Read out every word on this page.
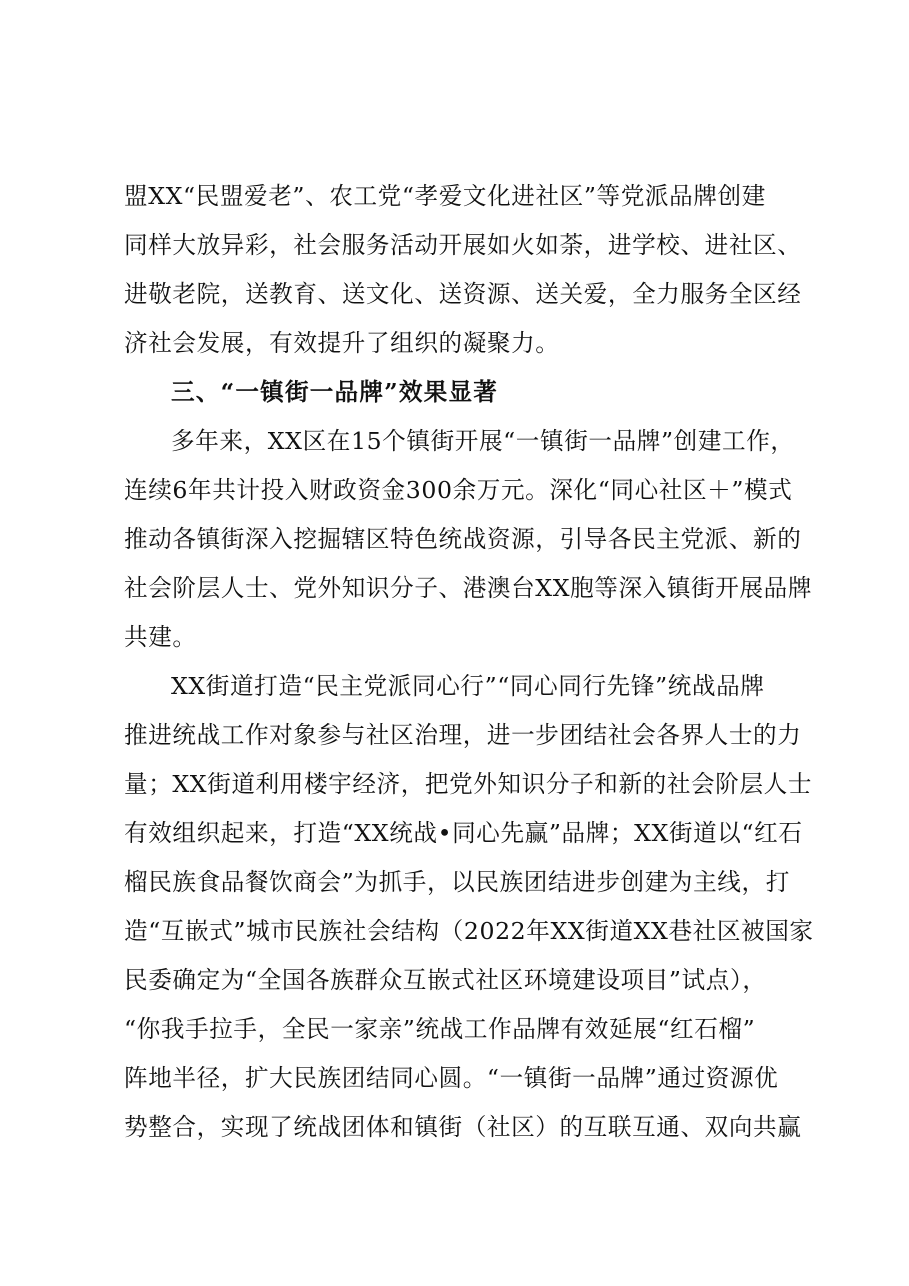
盟XX“民盟爱老”、农工党“孝爱文化进社区”等党派品牌创建
同样大放异彩，社会服务活动开展如火如荼，进学校、进社区、
进敬老院，送教育、送文化、送资源、送关爱，全力服务全区经
济社会发展，有效提升了组织的凝聚力。
三、“一镇街一品牌”效果显著
多年来，XX区在15个镇街开展“一镇街一品牌”创建工作，
连续6年共计投入财政资金300余万元。深化“同心社区＋”模式
推动各镇街深入挖掘辖区特色统战资源，引导各民主党派、新的
社会阶层人士、党外知识分子、港澳台XX胞等深入镇街开展品牌
共建。
XX街道打造“民主党派同心行”“同心同行先锋”统战品牌
推进统战工作对象参与社区治理，进一步团结社会各界人士的力
量；XX街道利用楼宇经济，把党外知识分子和新的社会阶层人士
有效组织起来，打造“XX统战•同心先赢”品牌；XX街道以“红石
榴民族食品餐饮商会”为抓手，以民族团结进步创建为主线，打
造“互嵌式”城市民族社会结构（2022年XX街道XX巷社区被国家
民委确定为“全国各族群众互嵌式社区环境建设项目”试点），
“你我手拉手，全民一家亲”统战工作品牌有效延展“红石榴”
阵地半径，扩大民族团结同心圆。“一镇街一品牌”通过资源优
势整合，实现了统战团体和镇街（社区）的互联互通、双向共赢
